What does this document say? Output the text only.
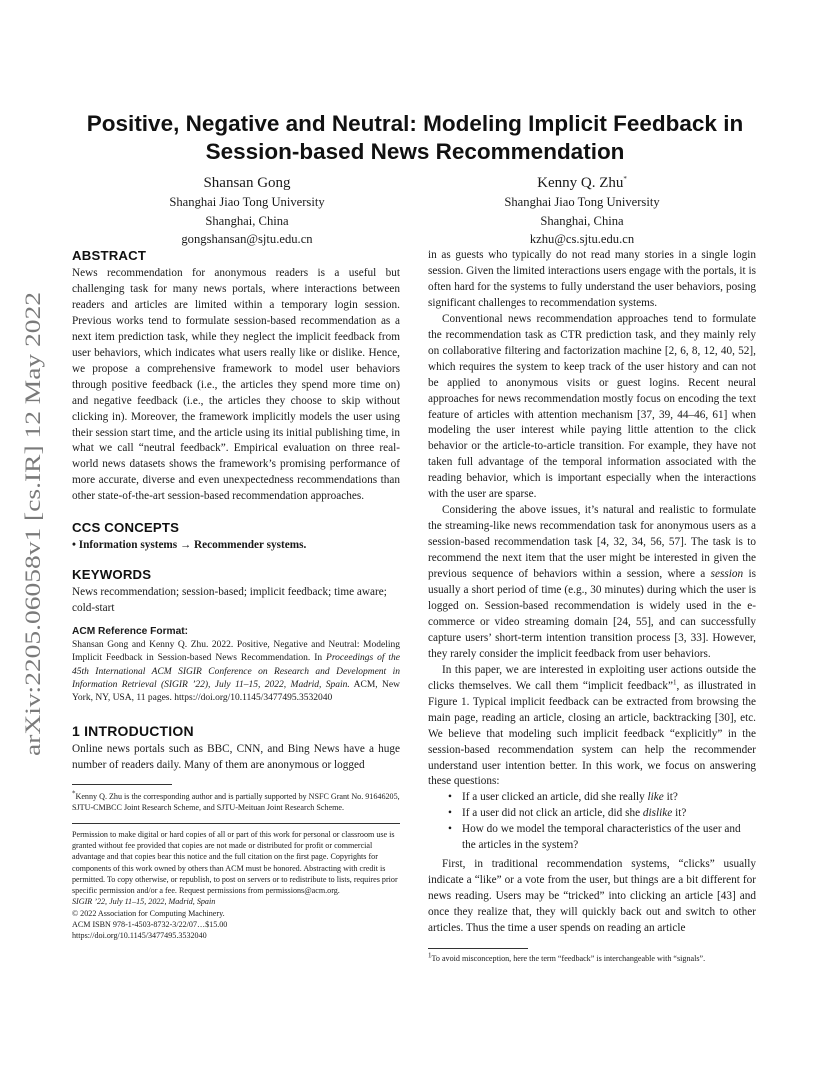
arXiv:2205.06058v1 [cs.IR] 12 May 2022
Positive, Negative and Neutral: Modeling Implicit Feedback in Session-based News Recommendation
Shansan Gong
Shanghai Jiao Tong University
Shanghai, China
gongshansan@sjtu.edu.cn
Kenny Q. Zhu*
Shanghai Jiao Tong University
Shanghai, China
kzhu@cs.sjtu.edu.cn
ABSTRACT

News recommendation for anonymous readers is a useful but challenging task for many news portals, where interactions between readers and articles are limited within a temporary login session. Previous works tend to formulate session-based recommendation as a next item prediction task, while they neglect the implicit feedback from user behaviors, which indicates what users really like or dislike. Hence, we propose a comprehensive framework to model user behaviors through positive feedback (i.e., the articles they spend more time on) and negative feedback (i.e., the articles they choose to skip without clicking in). Moreover, the framework implicitly models the user using their session start time, and the article using its initial publishing time, in what we call “neutral feedback”. Empirical evaluation on three real-world news datasets shows the framework’s promising performance of more accurate, diverse and even unexpectedness recommendations than other state-of-the-art session-based recommendation approaches.

CCS CONCEPTS

• Information systems → Recommender systems.

KEYWORDS

News recommendation; session-based; implicit feedback; time aware; cold-start

ACM Reference Format:

Shansan Gong and Kenny Q. Zhu. 2022. Positive, Negative and Neutral: Modeling Implicit Feedback in Session-based News Recommendation. In Proceedings of the 45th International ACM SIGIR Conference on Research and Development in Information Retrieval (SIGIR ’22), July 11–15, 2022, Madrid, Spain. ACM, New York, NY, USA, 11 pages. https://doi.org/10.1145/3477495.3532040

1 INTRODUCTION

Online news portals such as BBC, CNN, and Bing News have a huge number of readers daily. Many of them are anonymous or logged

*Kenny Q. Zhu is the corresponding author and is partially supported by NSFC Grant No. 91646205, SJTU-CMBCC Joint Research Scheme, and SJTU-Meituan Joint Research Scheme.

Permission to make digital or hard copies of all or part of this work for personal or classroom use is granted without fee provided that copies are not made or distributed for profit or commercial advantage and that copies bear this notice and the full citation on the first page. Copyrights for components of this work owned by others than ACM must be honored. Abstracting with credit is permitted. To copy otherwise, or republish, to post on servers or to redistribute to lists, requires prior specific permission and/or a fee. Request permissions from permissions@acm.org.

SIGIR ’22, July 11–15, 2022, Madrid, Spain

© 2022 Association for Computing Machinery.

ACM ISBN 978-1-4503-8732-3/22/07…$15.00

https://doi.org/10.1145/3477495.3532040

in as guests who typically do not read many stories in a single login session. Given the limited interactions users engage with the portals, it is often hard for the systems to fully understand the user behaviors, posing significant challenges to recommendation systems.

Conventional news recommendation approaches tend to formulate the recommendation task as CTR prediction task, and they mainly rely on collaborative filtering and factorization machine [2, 6, 8, 12, 40, 52], which requires the system to keep track of the user history and can not be applied to anonymous visits or guest logins. Recent neural approaches for news recommendation mostly focus on encoding the text feature of articles with attention mechanism [37, 39, 44–46, 61] when modeling the user interest while paying little attention to the click behavior or the article-to-article transition. For example, they have not taken full advantage of the temporal information associated with the reading behavior, which is important especially when the interactions with the user are sparse.

Considering the above issues, it’s natural and realistic to formulate the streaming-like news recommendation task for anonymous users as a session-based recommendation task [4, 32, 34, 56, 57]. The task is to recommend the next item that the user might be interested in given the previous sequence of behaviors within a session, where a session is usually a short period of time (e.g., 30 minutes) during which the user is logged on. Session-based recommendation is widely used in the e-commerce or video streaming domain [24, 55], and can successfully capture users’ short-term intention transition process [3, 33]. However, they rarely consider the implicit feedback from user behaviors.

In this paper, we are interested in exploiting user actions outside the clicks themselves. We call them “implicit feedback”$^1$, as illustrated in Figure 1. Typical implicit feedback can be extracted from browsing the main page, reading an article, closing an article, backtracking [30], etc. We believe that modeling such implicit feedback “explicitly” in the session-based recommendation system can help the recommender understand user intention better. In this work, we focus on answering these questions:

• If a user clicked an article, did she really like it?
• If a user did not click an article, did she dislike it?
• How do we model the temporal characteristics of the user and the articles in the system?

First, in traditional recommendation systems, “clicks” usually indicate a “like” or a vote from the user, but things are a bit different for news reading. Users may be “tricked” into clicking an article [43] and once they realize that, they will quickly back out and switch to other articles. Thus the time a user spends on reading an article

1To avoid misconception, here the term “feedback” is interchangeable with “signals”.
